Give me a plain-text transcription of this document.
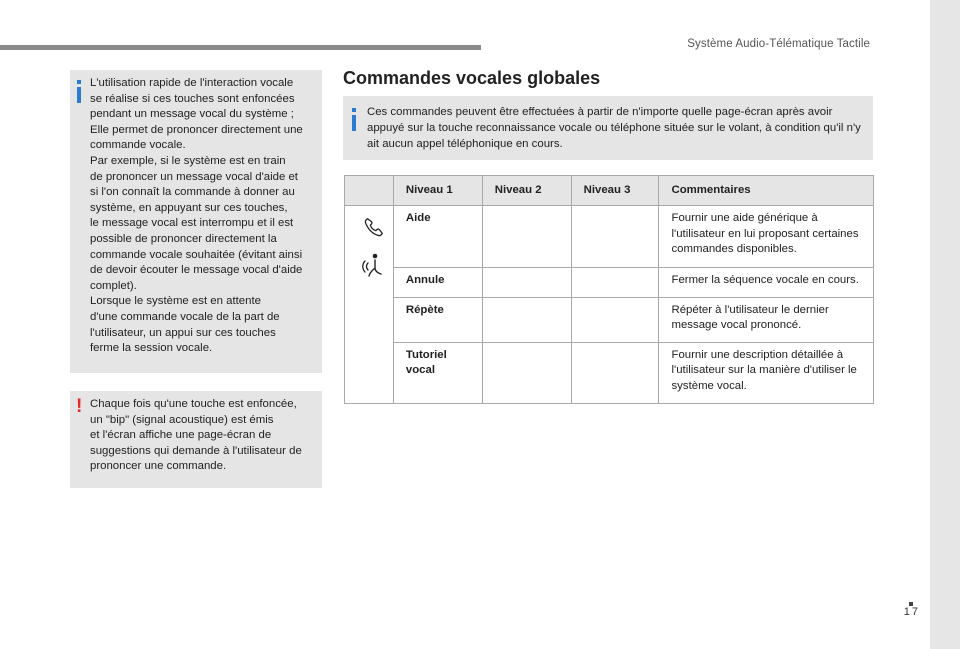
Système Audio-Télématique Tactile
17

L'utilisation rapide de l'interaction vocale
se réalise si ces touches sont enfoncées
pendant un message vocal du système ;
Elle permet de prononcer directement une
commande vocale.
Par exemple, si le système est en train
de prononcer un message vocal d'aide et
si l'on connaît la commande à donner au
système, en appuyant sur ces touches,
le message vocal est interrompu et il est
possible de prononcer directement la
commande vocale souhaitée (évitant ainsi
de devoir écouter le message vocal d'aide
complet).
Lorsque le système est en attente
d'une commande vocale de la part de
l'utilisateur, un appui sur ces touches
ferme la session vocale.

! Chaque fois qu'une touche est enfoncée,
un "bip" (signal acoustique) est émis
et l'écran affiche une page-écran de
suggestions qui demande à l'utilisateur de
prononcer une commande.

Commandes vocales globales

Ces commandes peuvent être effectuées à partir de n'importe quelle page-écran après avoir appuyé sur la touche reconnaissance vocale ou téléphone située sur le volant, à condition qu'il n'y ait aucun appel téléphonique en cours.

	Niveau 1	Niveau 2	Niveau 3	Commentaires

	Aide			Fournir une aide générique à l'utilisateur en lui proposant certaines commandes disponibles.
	Annule			Fermer la séquence vocale en cours.
	Répète			Répéter à l'utilisateur le dernier message vocal prononcé.
	Tutoriel vocal			Fournir une description détaillée à l'utilisateur sur la manière d'utiliser le système vocal.
